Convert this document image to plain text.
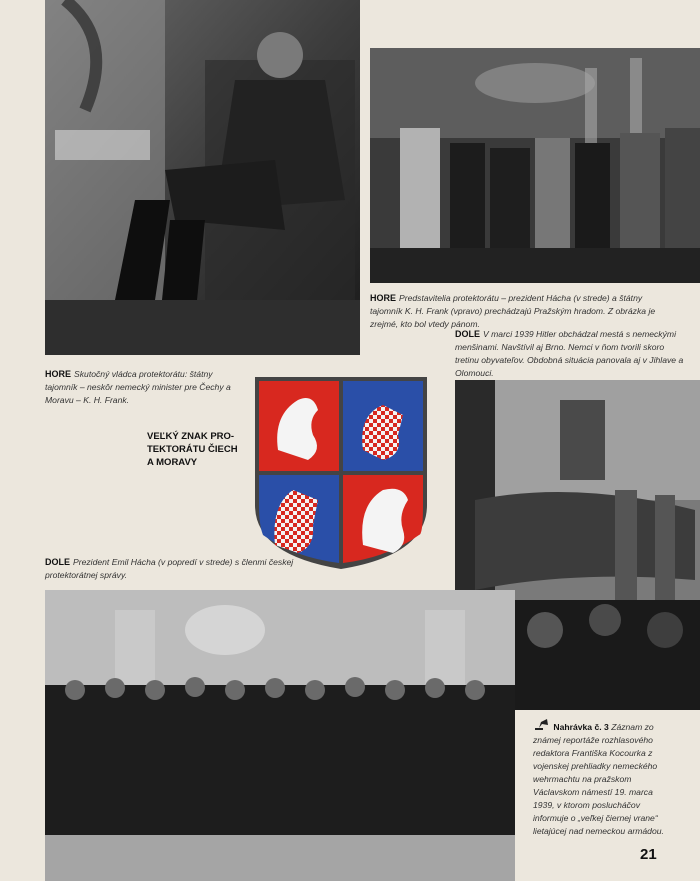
HORE Skutočný vládca protektorátu: štátny tajomník – neskôr nemecký minister pre Čechy a Moravu – K. H. Frank.
HORE Predstavitelia protektorátu – prezident Hácha (v strede) a štátny tajomník K. H. Frank (vpravo) prechádzajú Pražským hradom. Z obrázka je zrejmé, kto bol vtedy pánom.
DOLE V marci 1939 Hitler obchádzal mestá s nemeckými menšinami. Navštívil aj Brno. Nemci v ňom tvorili skoro tretinu obyvateľov. Obdobná situácia panovala aj v Jihlave a Olomouci.
VEĽKÝ ZNAK PRO-TEKTORÁTU ČIECH A MORAVY
DOLE Prezident Emil Hácha (v popredí v strede) s členmi českej protektorátnej správy.
Nahrávka č. 3 Záznam zo známej reportáže rozhlasového redaktora Františka Kocourka z vojenskej prehliadky nemeckého wehrmachtu na pražskom Václavskom námestí 19. marca 1939, v ktorom poslucháčov informuje o „veľkej čiernej vrane“ lietajúcej nad nemeckou armádou.
21
